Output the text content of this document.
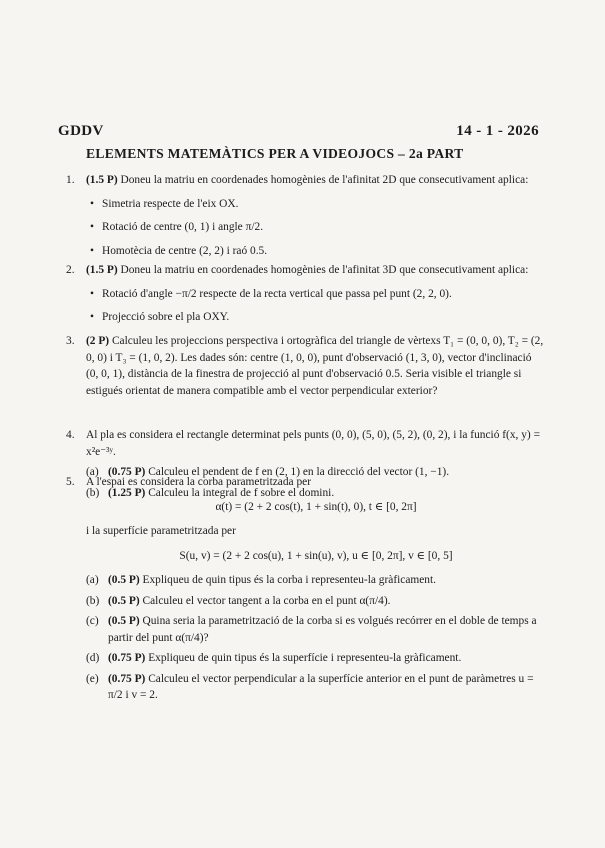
GDDV	14 - 1 - 2026
ELEMENTS MATEMÀTICS PER A VIDEOJOCS – 2a PART
1. (1.5 P) Doneu la matriu en coordenades homogènies de l'afinitat 2D que consecutivament aplica:
• Simetria respecte de l'eix OX.
• Rotació de centre (0, 1) i angle π/2.
• Homotècia de centre (2, 2) i raó 0.5.
2. (1.5 P) Doneu la matriu en coordenades homogènies de l'afinitat 3D que consecutivament aplica:
• Rotació d'angle −π/2 respecte de la recta vertical que passa pel punt (2, 2, 0).
• Projecció sobre el pla OXY.
3. (2 P) Calculeu les projeccions perspectiva i ortogràfica del triangle de vèrtexs T₁ = (0, 0, 0), T₂ = (2, 0, 0) i T₃ = (1, 0, 2). Les dades són: centre (1, 0, 0), punt d'observació (1, 3, 0), vector d'inclinació (0, 0, 1), distància de la finestra de projecció al punt d'observació 0.5. Seria visible el triangle si estigués orientat de manera compatible amb el vector perpendicular exterior?
4. Al pla es considera el rectangle determinat pels punts (0, 0), (5, 0), (5, 2), (0, 2), i la funció f(x, y) = x²e⁻³ʸ.
(a) (0.75 P) Calculeu el pendent de f en (2, 1) en la direcció del vector (1, −1).
(b) (1.25 P) Calculeu la integral de f sobre el domini.
5. A l'espai es considera la corba parametritzada per
α(t) = (2 + 2 cos(t), 1 + sin(t), 0), t ∈ [0, 2π]
i la superfície parametritzada per
S(u, v) = (2 + 2 cos(u), 1 + sin(u), v), u ∈ [0, 2π], v ∈ [0, 5]
(a) (0.5 P) Expliqueu de quin tipus és la corba i representeu-la gràficament.
(b) (0.5 P) Calculeu el vector tangent a la corba en el punt α(π/4).
(c) (0.5 P) Quina seria la parametrització de la corba si es volgués recórrer en el doble de temps a partir del punt α(π/4)?
(d) (0.75 P) Expliqueu de quin tipus és la superfície i representeu-la gràficament.
(e) (0.75 P) Calculeu el vector perpendicular a la superfície anterior en el punt de paràmetres u = π/2 i v = 2.
